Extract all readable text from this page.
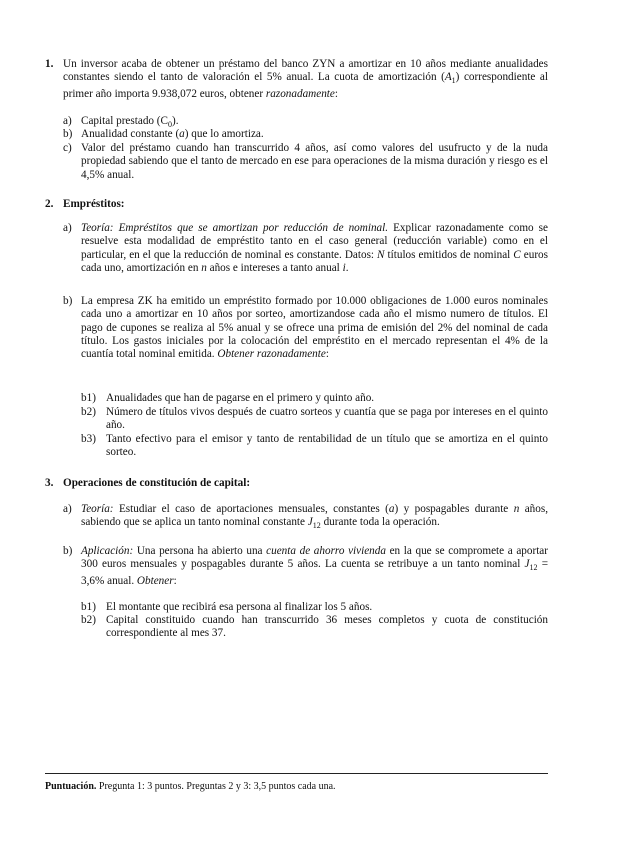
1. Un inversor acaba de obtener un préstamo del banco ZYN a amortizar en 10 años mediante anualidades constantes siendo el tanto de valoración el 5% anual. La cuota de amortización $(A_1)$ correspondiente al primer año importa 9.938,072 euros, obtener razonadamente:
a) Capital prestado $(C_0)$.
b) Anualidad constante (a) que lo amortiza.
c) Valor del préstamo cuando han transcurrido 4 años, así como valores del usufructo y de la nuda propiedad sabiendo que el tanto de mercado en ese para operaciones de la misma duración y riesgo es el 4,5% anual.
2. Empréstitos:
a) Teoría: Empréstitos que se amortizan por reducción de nominal. Explicar razonadamente como se resuelve esta modalidad de empréstito tanto en el caso general (reducción variable) como en el particular, en el que la reducción de nominal es constante. Datos: N títulos emitidos de nominal C euros cada uno, amortización en n años e intereses a tanto anual i.
b) La empresa ZK ha emitido un empréstito formado por 10.000 obligaciones de 1.000 euros nominales cada uno a amortizar en 10 años por sorteo, amortizandose cada año el mismo numero de títulos. El pago de cupones se realiza al 5% anual y se ofrece una prima de emisión del 2% del nominal de cada título. Los gastos iniciales por la colocación del empréstito en el mercado representan el 4% de la cuantía total nominal emitida. Obtener razonadamente:
b1) Anualidades que han de pagarse en el primero y quinto año.
b2) Número de títulos vivos después de cuatro sorteos y cuantía que se paga por intereses en el quinto año.
b3) Tanto efectivo para el emisor y tanto de rentabilidad de un título que se amortiza en el quinto sorteo.
3. Operaciones de constitución de capital:
a) Teoría: Estudiar el caso de aportaciones mensuales, constantes (a) y pospagables durante n años, sabiendo que se aplica un tanto nominal constante $J_{12}$ durante toda la operación.
b) Aplicación: Una persona ha abierto una cuenta de ahorro vivienda en la que se compromete a aportar 300 euros mensuales y pospagables durante 5 años. La cuenta se retribuye a un tanto nominal $J_{12} = 3,6\%$ anual. Obtener:
b1) El montante que recibirá esa persona al finalizar los 5 años.
b2) Capital constituido cuando han transcurrido 36 meses completos y cuota de constitución correspondiente al mes 37.
Puntuación. Pregunta 1: 3 puntos. Preguntas 2 y 3: 3,5 puntos cada una.
